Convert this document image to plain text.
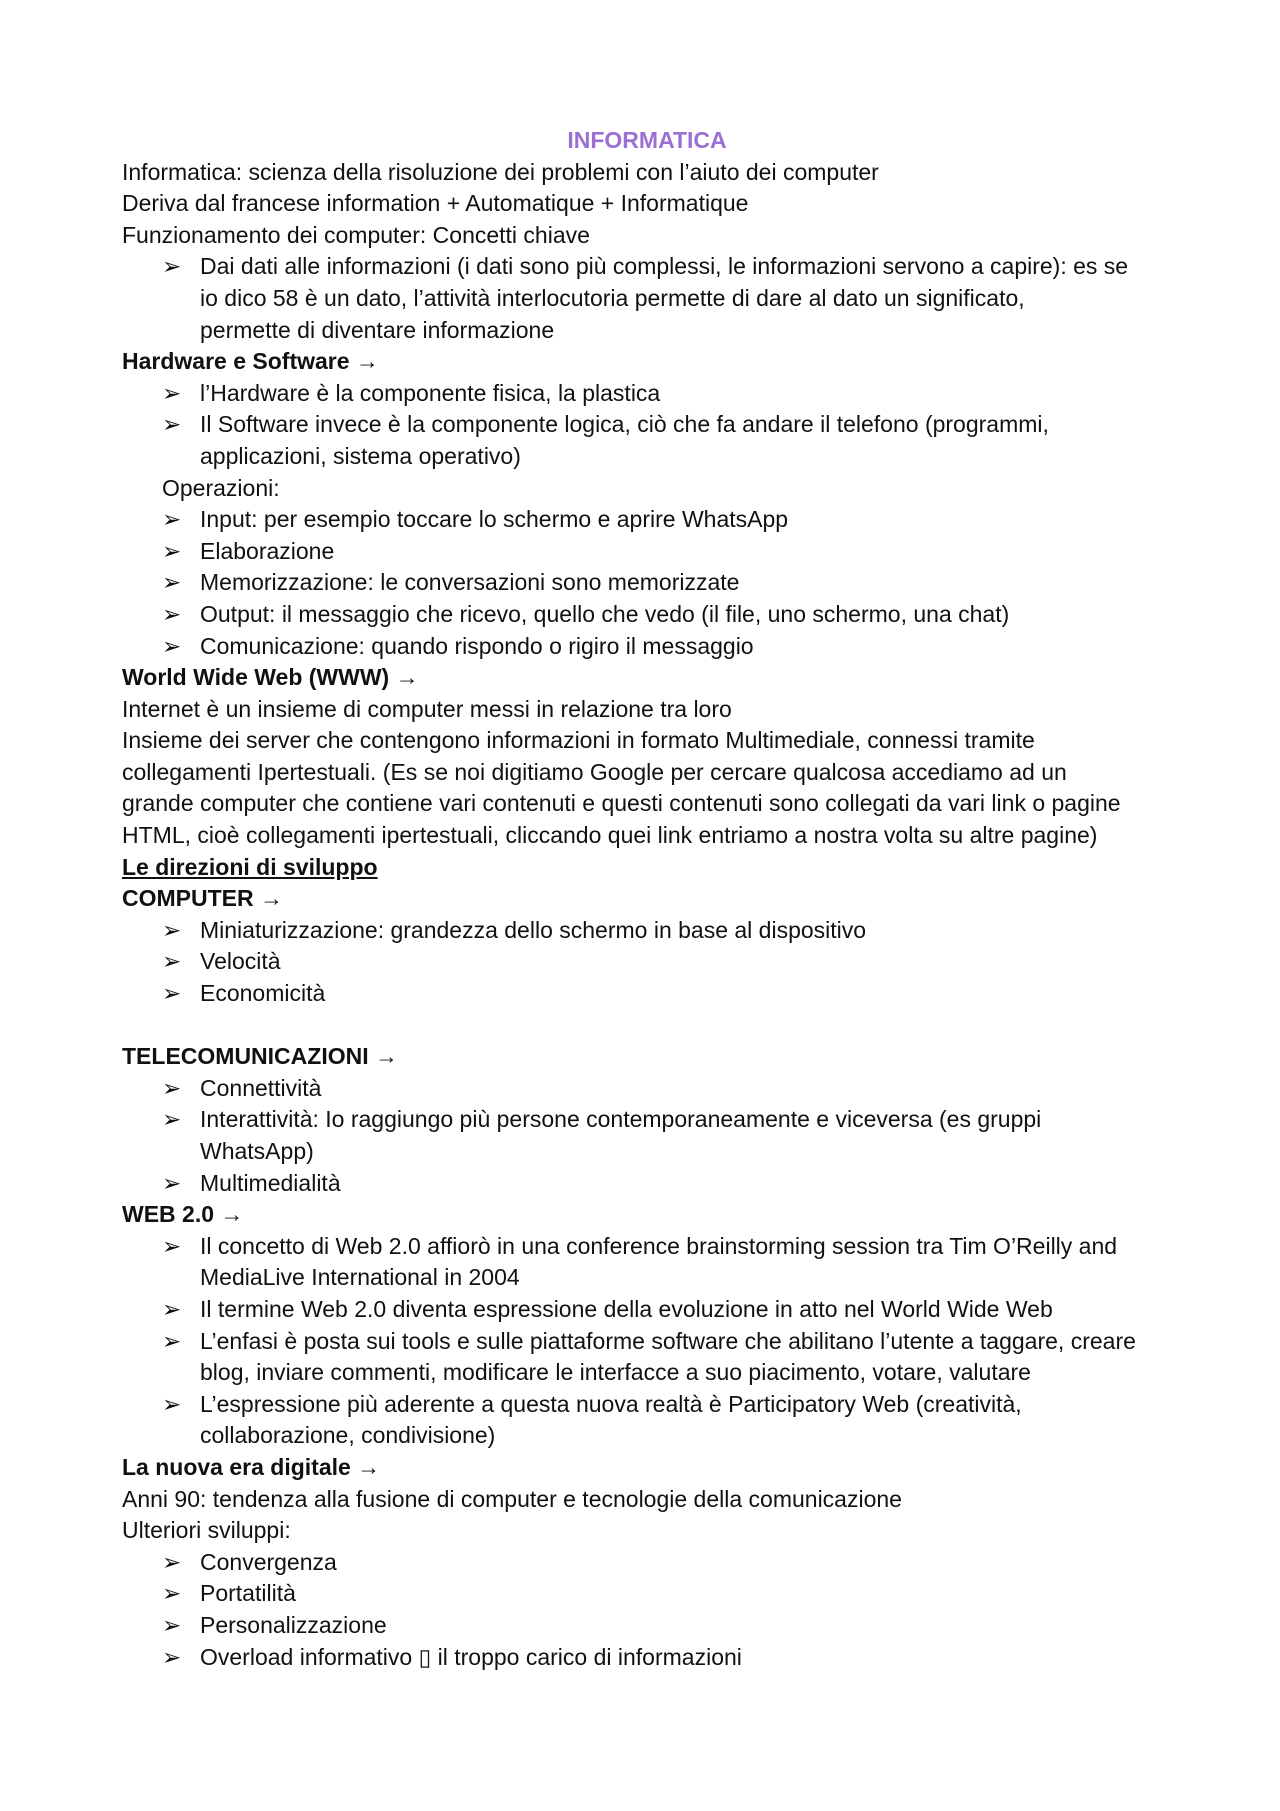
INFORMATICA
Informatica: scienza della risoluzione dei problemi con l’aiuto dei computer
Deriva dal francese information + Automatique + Informatique
Funzionamento dei computer: Concetti chiave
➢ Dai dati alle informazioni (i dati sono più complessi, le informazioni servono a capire): es se
io dico 58 è un dato, l’attività interlocutoria permette di dare al dato un significato,
permette di diventare informazione
Hardware e Software →
➢ l’Hardware è la componente fisica, la plastica
➢ Il Software invece è la componente logica, ciò che fa andare il telefono (programmi,
applicazioni, sistema operativo)
Operazioni:
➢ Input: per esempio toccare lo schermo e aprire WhatsApp
➢ Elaborazione
➢ Memorizzazione: le conversazioni sono memorizzate
➢ Output: il messaggio che ricevo, quello che vedo (il file, uno schermo, una chat)
➢ Comunicazione: quando rispondo o rigiro il messaggio
World Wide Web (WWW) →
Internet è un insieme di computer messi in relazione tra loro
Insieme dei server che contengono informazioni in formato Multimediale, connessi tramite
collegamenti Ipertestuali. (Es se noi digitiamo Google per cercare qualcosa accediamo ad un
grande computer che contiene vari contenuti e questi contenuti sono collegati da vari link o pagine
HTML, cioè collegamenti ipertestuali, cliccando quei link entriamo a nostra volta su altre pagine)
Le direzioni di sviluppo
COMPUTER →
➢ Miniaturizzazione: grandezza dello schermo in base al dispositivo
➢ Velocità
➢ Economicità
TELECOMUNICAZIONI →
➢ Connettività
➢ Interattività: Io raggiungo più persone contemporaneamente e viceversa (es gruppi
WhatsApp)
➢ Multimedialità
WEB 2.0 →
➢ Il concetto di Web 2.0 affiorò in una conference brainstorming session tra Tim O’Reilly and
MediaLive International in 2004
➢ Il termine Web 2.0 diventa espressione della evoluzione in atto nel World Wide Web
➢ L’enfasi è posta sui tools e sulle piattaforme software che abilitano l’utente a taggare, creare
blog, inviare commenti, modificare le interfacce a suo piacimento, votare, valutare
➢ L’espressione più aderente a questa nuova realtà è Participatory Web (creatività,
collaborazione, condivisione)
La nuova era digitale →
Anni 90: tendenza alla fusione di computer e tecnologie della comunicazione
Ulteriori sviluppi:
➢ Convergenza
➢ Portatilità
➢ Personalizzazione
➢ Overload informativo ▯ il troppo carico di informazioni
